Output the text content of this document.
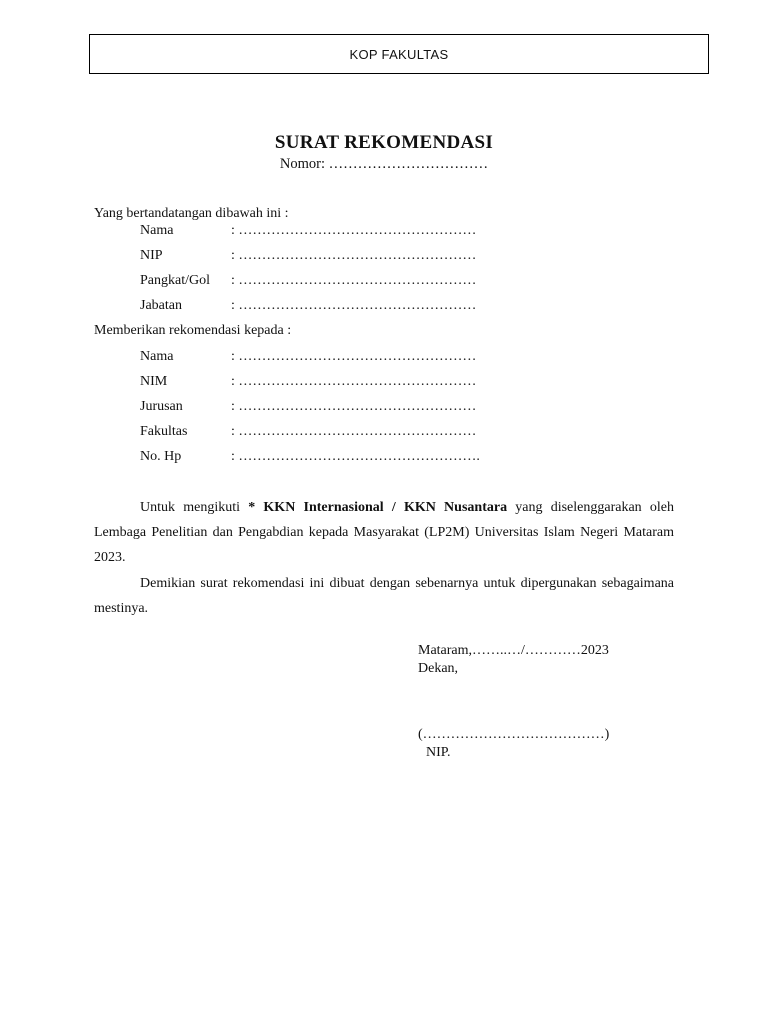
KOP FAKULTAS
SURAT REKOMENDASI
Nomor: ……………………………
Yang bertandatangan dibawah ini :
Nama	: ……………………………………………
NIP	: ……………………………………………
Pangkat/Gol : ……………………………………………
Jabatan	: ……………………………………………
Memberikan rekomendasi kepada :
Nama	: ……………………………………………
NIM	: ……………………………………………
Jurusan	: ……………………………………………
Fakultas	: ……………………………………………
No. Hp	: …………………………………………….

Untuk mengikuti * KKN Internasional / KKN Nusantara yang diselenggarakan oleh Lembaga Penelitian dan Pengabdian kepada Masyarakat (LP2M) Universitas Islam Negeri Mataram 2023.

Demikian surat rekomendasi ini dibuat dengan sebenarnya untuk dipergunakan sebagaimana mestinya.

Mataram,……..…/…………2023
Dekan,
(…………………………………)
NIP.
